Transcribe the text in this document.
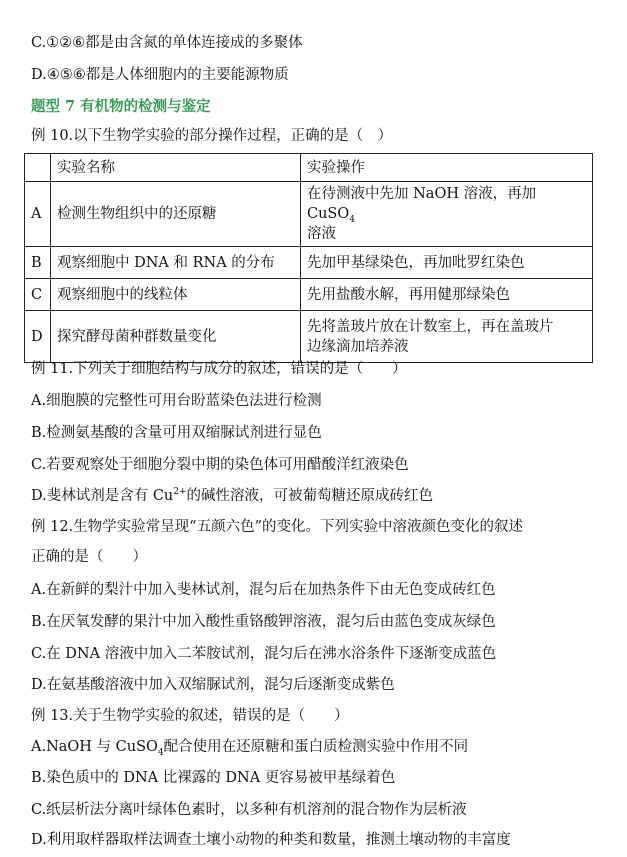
C.①②⑥都是由含氮的单体连接成的多聚体
D.④⑤⑥都是人体细胞内的主要能源物质
题型 7 有机物的检测与鉴定
例 10.以下生物学实验的部分操作过程，正确的是（　）
	实验名称	实验操作
A	检测生物组织中的还原糖	在待测液中先加 NaOH 溶液，再加 CuSO$_4$
溶液
B	观察细胞中 DNA 和 RNA 的分布	先加甲基绿染色，再加吡罗红染色
C	观察细胞中的线粒体	先用盐酸水解，再用健那绿染色
D	探究酵母菌种群数量变化	先将盖玻片放在计数室上，再在盖玻片
边缘滴加培养液
例 11.下列关于细胞结构与成分的叙述，错误的是（　　）
A.细胞膜的完整性可用台盼蓝染色法进行检测
B.检测氨基酸的含量可用双缩脲试剂进行显色
C.若要观察处于细胞分裂中期的染色体可用醋酸洋红液染色
D.斐林试剂是含有 $Cu^{2+}$的碱性溶液，可被葡萄糖还原成砖红色
例 12.生物学实验常呈现“五颜六色”的变化。下列实验中溶液颜色变化的叙述
正确的是（　　）
A.在新鲜的梨汁中加入斐林试剂，混匀后在加热条件下由无色变成砖红色
B.在厌氧发酵的果汁中加入酸性重铬酸钾溶液，混匀后由蓝色变成灰绿色
C.在 DNA 溶液中加入二苯胺试剂，混匀后在沸水浴条件下逐渐变成蓝色
D.在氨基酸溶液中加入双缩脲试剂，混匀后逐渐变成紫色
例 13.关于生物学实验的叙述，错误的是（　　）
A.NaOH 与 CuSO$_4$配合使用在还原糖和蛋白质检测实验中作用不同
B.染色质中的 DNA 比裸露的 DNA 更容易被甲基绿着色
C.纸层析法分离叶绿体色素时，以多种有机溶剂的混合物作为层析液
D.利用取样器取样法调查土壤小动物的种类和数量，推测土壤动物的丰富度
